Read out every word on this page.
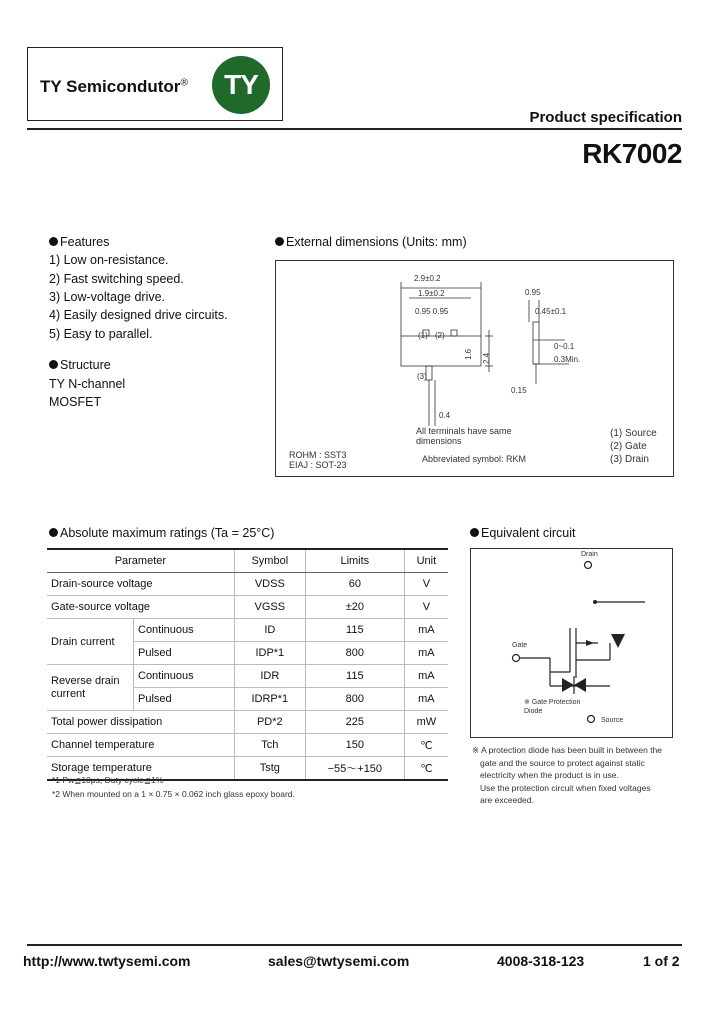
TY Semicondutor®	TY
Product specification
RK7002
Features
1) Low on-resistance.
2) Fast switching speed.
3) Low-voltage drive.
4) Easily designed drive circuits.
5) Easy to parallel.
Structure
TY N-channel
MOSFET
External dimensions (Units: mm)
2.9±0.2
1.9±0.2
0.95 0.95
(1) (2)
(3)
1.6 2.4
0.4
0.95
0.45±0.1
0~0.1
0.3Min.
0.15
All terminals have same dimensions
ROHM : SST3
EIAJ : SOT-23
Abbreviated symbol: RKM
(1) Source
(2) Gate
(3) Drain
Absolute maximum ratings (Ta = 25°C)
Parameter		Symbol	Limits	Unit
Drain-source voltage		VDSS	60	V
Gate-source voltage		VGSS	±20	V
Drain current	Continuous	ID	115	mA
	Pulsed	IDP*1	800	mA
Reverse drain current	Continuous	IDR	115	mA
	Pulsed	IDRP*1	800	mA
Total power dissipation		PD*2	225	mW
Channel temperature		Tch	150	℃
Storage temperature		Tstg	−55～+150	℃
*1 Pw≦10μs, Duty cycle≦1%
*2 When mounted on a 1 × 0.75 × 0.062 inch glass epoxy board.
Equivalent circuit
Drain
Gate
Source
※ Gate Protection Diode
※ A protection diode has been built in between the
gate and the source to protect against static
electricity when the product is in use.
Use the protection circuit when fixed voltages
are exceeded.
http://www.twtysemi.com	sales@twtysemi.com	4008-318-123	1 of 2
